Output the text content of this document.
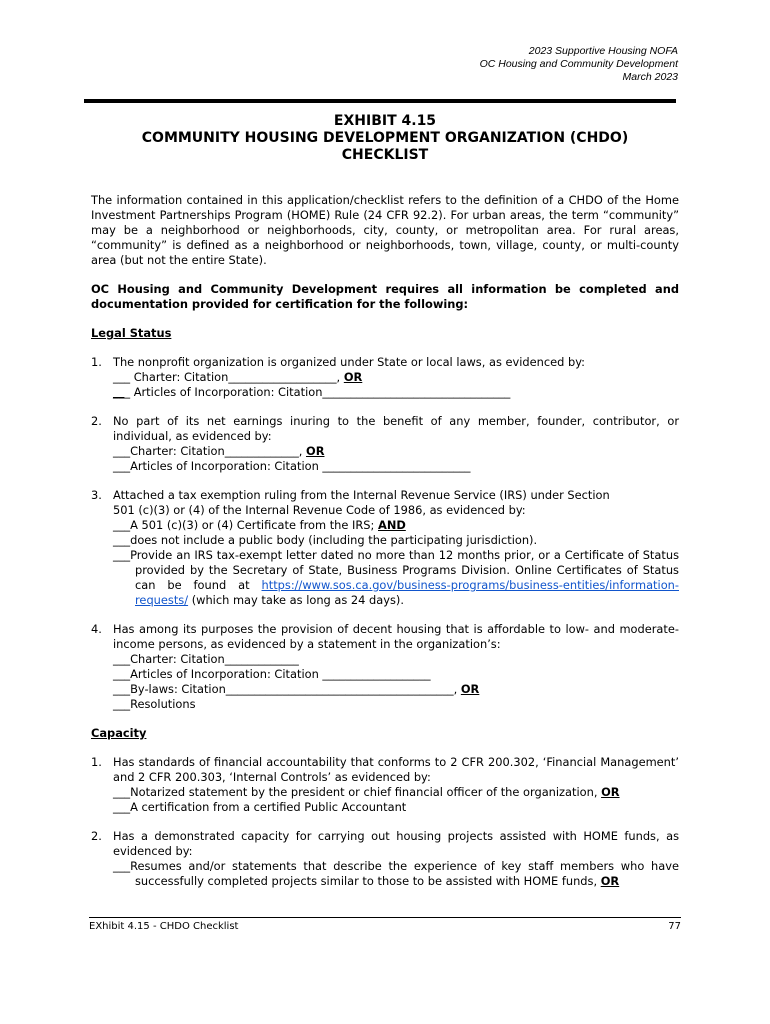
2023 Supportive Housing NOFA
OC Housing and Community Development
March 2023
EXHIBIT 4.15
COMMUNITY HOUSING DEVELOPMENT ORGANIZATION (CHDO)
CHECKLIST

The information contained in this application/checklist refers to the definition of a CHDO of the Home Investment Partnerships Program (HOME) Rule (24 CFR 92.2). For urban areas, the term “community” may be a neighborhood or neighborhoods, city, county, or metropolitan area. For rural areas, “community” is defined as a neighborhood or neighborhoods, town, village, county, or multi-county area (but not the entire State).

OC Housing and Community Development requires all information be completed and documentation provided for certification for the following:

Legal Status

1. The nonprofit organization is organized under State or local laws, as evidenced by:
___ Charter: Citation___________________, OR
___ Articles of Incorporation: Citation_________________________________
2. No part of its net earnings inuring to the benefit of any member, founder, contributor, or individual, as evidenced by:
___Charter: Citation_____________, OR
___Articles of Incorporation: Citation __________________________
3. Attached a tax exemption ruling from the Internal Revenue Service (IRS) under Section
501 (c)(3) or (4) of the Internal Revenue Code of 1986, as evidenced by:
___A 501 (c)(3) or (4) Certificate from the IRS; AND
___does not include a public body (including the participating jurisdiction).
___Provide an IRS tax-exempt letter dated no more than 12 months prior, or a Certificate of Status provided by the Secretary of State, Business Programs Division. Online Certificates of Status can be found at https://www.sos.ca.gov/business-programs/business-entities/information-requests/ (which may take as long as 24 days).
4. Has among its purposes the provision of decent housing that is affordable to low- and moderate-income persons, as evidenced by a statement in the organization’s:
___Charter: Citation_____________
___Articles of Incorporation: Citation ___________________
___By-laws: Citation________________________________________, OR
___Resolutions

Capacity

1. Has standards of financial accountability that conforms to 2 CFR 200.302, ‘Financial Management’ and 2 CFR 200.303, ‘Internal Controls’ as evidenced by:
___Notarized statement by the president or chief financial officer of the organization, OR
___A certification from a certified Public Accountant
2. Has a demonstrated capacity for carrying out housing projects assisted with HOME funds, as evidenced by:
___Resumes and/or statements that describe the experience of key staff members who have successfully completed projects similar to those to be assisted with HOME funds, OR
EXhibit 4.15 - CHDO Checklist	77
